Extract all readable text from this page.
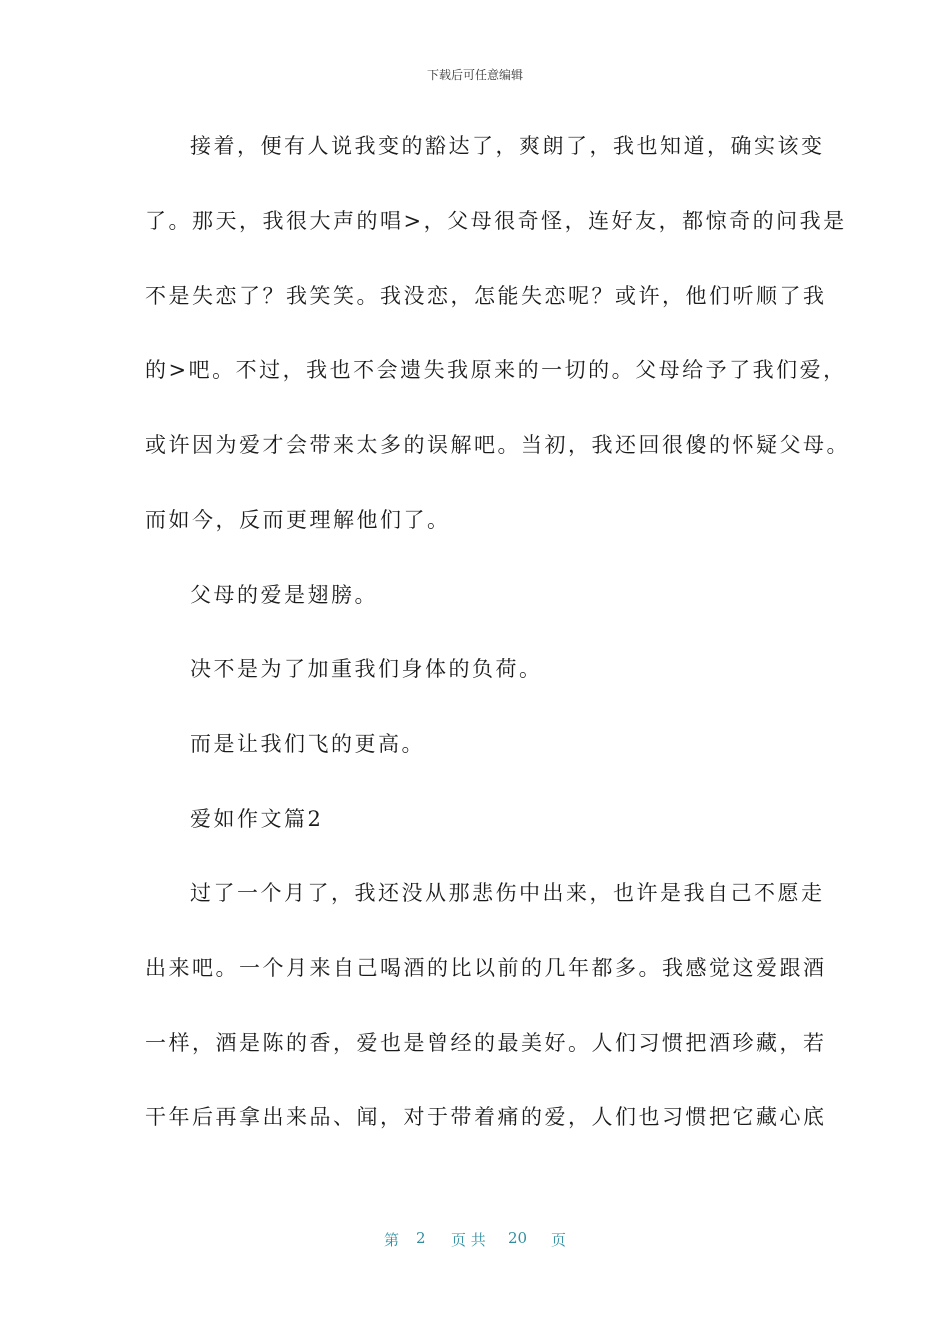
下载后可任意编辑
接着，便有人说我变的豁达了，爽朗了，我也知道，确实该变
了。那天，我很大声的唱>，父母很奇怪，连好友，都惊奇的问我是
不是失恋了？我笑笑。我没恋，怎能失恋呢？或许，他们听顺了我
的>吧。不过，我也不会遗失我原来的一切的。父母给予了我们爱，
或许因为爱才会带来太多的误解吧。当初，我还回很傻的怀疑父母。
而如今，反而更理解他们了。
父母的爱是翅膀。
决不是为了加重我们身体的负荷。
而是让我们飞的更高。
爱如作文篇2
过了一个月了，我还没从那悲伤中出来，也许是我自己不愿走
出来吧。一个月来自己喝酒的比以前的几年都多。我感觉这爱跟酒
一样，酒是陈的香，爱也是曾经的最美好。人们习惯把酒珍藏，若
干年后再拿出来品、闻，对于带着痛的爱，人们也习惯把它藏心底
第 2 页 共 20 页
